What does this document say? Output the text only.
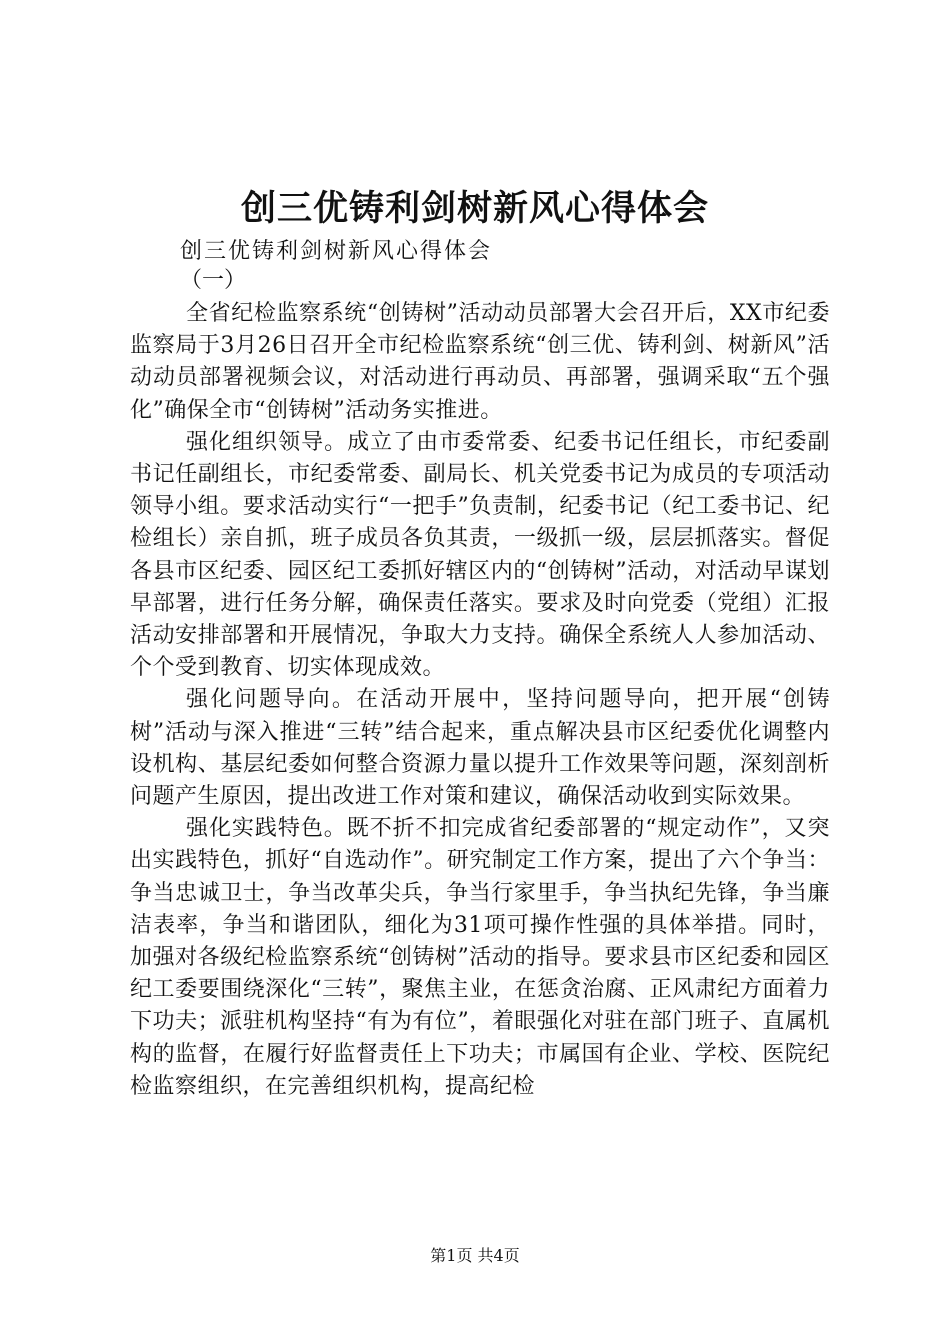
创三优铸利剑树新风心得体会

创三优铸利剑树新风心得体会

（一）

全省纪检监察系统“创铸树”活动动员部署大会召开后，XX市纪委监察局于3月26日召开全市纪检监察系统“创三优、铸利剑、树新风”活动动员部署视频会议，对活动进行再动员、再部署，强调采取“五个强化”确保全市“创铸树”活动务实推进。

强化组织领导。成立了由市委常委、纪委书记任组长，市纪委副书记任副组长，市纪委常委、副局长、机关党委书记为成员的专项活动领导小组。要求活动实行“一把手”负责制，纪委书记（纪工委书记、纪检组长）亲自抓，班子成员各负其责，一级抓一级，层层抓落实。督促各县市区纪委、园区纪工委抓好辖区内的“创铸树”活动，对活动早谋划早部署，进行任务分解，确保责任落实。要求及时向党委（党组）汇报活动安排部署和开展情况，争取大力支持。确保全系统人人参加活动、个个受到教育、切实体现成效。

强化问题导向。在活动开展中，坚持问题导向，把开展“创铸树”活动与深入推进“三转”结合起来，重点解决县市区纪委优化调整内设机构、基层纪委如何整合资源力量以提升工作效果等问题，深刻剖析问题产生原因，提出改进工作对策和建议，确保活动收到实际效果。

强化实践特色。既不折不扣完成省纪委部署的“规定动作”，又突出实践特色，抓好“自选动作”。研究制定工作方案，提出了六个争当：争当忠诚卫士，争当改革尖兵，争当行家里手，争当执纪先锋，争当廉洁表率，争当和谐团队，细化为31项可操作性强的具体举措。同时，加强对各级纪检监察系统“创铸树”活动的指导。要求县市区纪委和园区纪工委要围绕深化“三转”，聚焦主业，在惩贪治腐、正风肃纪方面着力下功夫；派驻机构坚持“有为有位”，着眼强化对驻在部门班子、直属机构的监督，在履行好监督责任上下功夫；市属国有企业、学校、医院纪检监察组织，在完善组织机构，提高纪检

第1页 共4页
